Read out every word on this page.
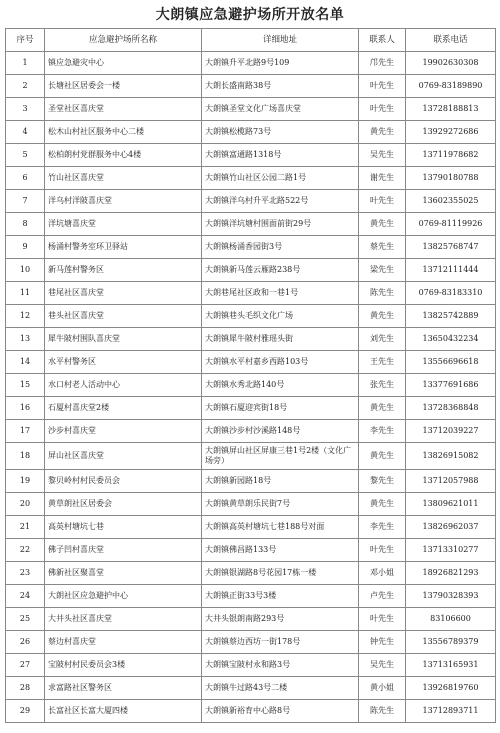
大朗镇应急避护场所开放名单
序号	应急避护场所名称	详细地址	联系人	联系电话
1	镇应急避灾中心	大朗镇升平北路9号109	邝先生	19902630308
2	长塘社区居委会一楼	大朗长盛南路38号	叶先生	0769-83189890
3	圣堂社区喜庆堂	大朗镇圣堂文化广场喜庆堂	叶先生	13728188813
4	松木山村社区服务中心二楼	大朗镇松榄路73号	黄先生	13929272686
5	松柏朗村党群服务中心4楼	大朗镇富通路1318号	吴先生	13711978682
6	竹山社区喜庆堂	大朗镇竹山社区公园二路1号	谢先生	13790180788
7	洋乌村洋陂喜庆堂	大朗镇洋乌村升平北路522号	叶先生	13602355025
8	洋坑塘喜庆堂	大朗镇洋坑塘村围面前街29号	黄先生	0769-81119926
9	杨涌村警务室环卫驿站	大朗镇杨涌香园街3号	蔡先生	13825768747
10	新马莲村警务区	大朗镇新马莲云雁路238号	梁先生	13712111444
11	巷尾社区喜庆堂	大朗巷尾社区政和一巷1号	陈先生	0769-83183310
12	巷头社区喜庆堂	大朗镇巷头毛织文化广场	黄先生	13825742889
13	犀牛陂村围队喜庆堂	大朗镇犀牛陂村雅瑶头街	刘先生	13650432234
14	水平村警务区	大朗镇水平村嘉乡西路103号	王先生	13556696618
15	水口村老人活动中心	大朗镇水秀北路140号	张先生	13377691686
16	石厦村喜庆堂2楼	大朗镇石厦迎宾街18号	黄先生	13728368848
17	沙步村喜庆堂	大朗镇沙步村沙溪路148号	李先生	13712039227
18	屏山社区喜庆堂	大朗镇屏山社区屏康三巷1号2楼（文化广场旁）	黄先生	13826915082
19	黎贝岭村村民委员会	大朗镇新园路18号	黎先生	13712057988
20	黄草朗社区居委会	大朗镇黄草朗乐民街7号	黄先生	13809621011
21	高英村塘坑七巷	大朗镇高英村塘坑七巷188号对面	李先生	13826962037
22	佛子凹村喜庆堂	大朗镇佛昌路133号	叶先生	13713310277
23	佛新社区聚喜堂	大朗镇银湖路8号花园17栋一楼	邓小姐	18926821293
24	大朗社区应急避护中心	大朗镇正街33号3楼	卢先生	13790328393
25	大井头社区喜庆堂	大井头银朗南路293号	叶先生	83106600
26	蔡边村喜庆堂	大朗镇蔡边西坊一街178号	钟先生	13556789379
27	宝陂村村民委员会3楼	大朗镇宝陂村永和路3号	吴先生	13713165931
28	求富路社区警务区	大朗镇牛过路43号二楼	黄小姐	13926819760
29	长富社区长富大厦四楼	大朗镇新裕育中心路8号	陈先生	13712893711
